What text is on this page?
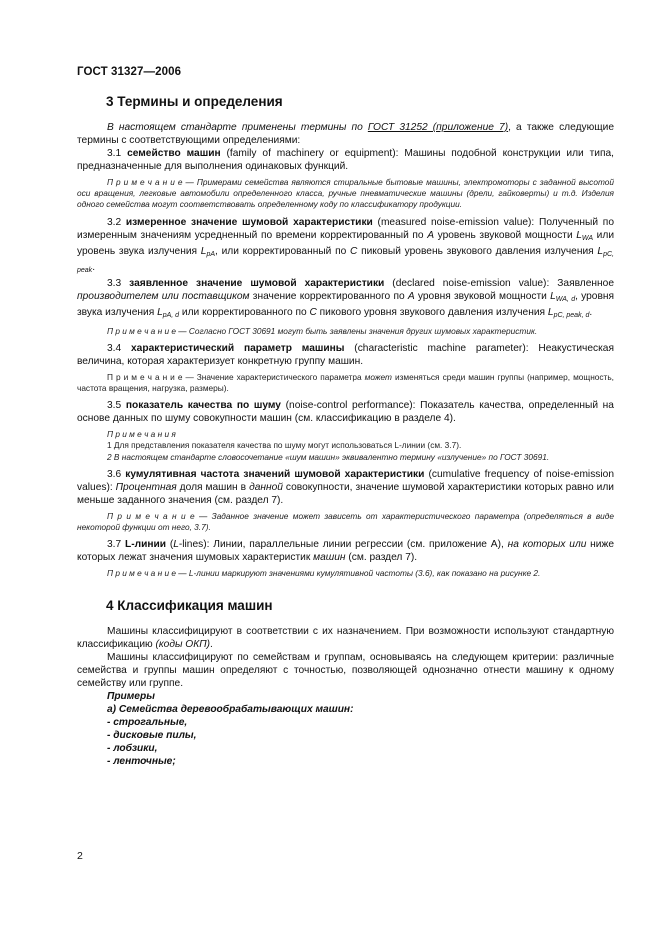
ГОСТ 31327—2006
3 Термины и определения

В настоящем стандарте применены термины по ГОСТ 31252 (приложение 7), а также следующие термины с соответствующими определениями:

3.1 семейство машин (family of machinery or equipment): Машины подобной конструкции или типа, предназначенные для выполнения одинаковых функций.

П р и м е ч а н и е — Примерами семейства являются стиральные бытовые машины, электромоторы с заданной высотой оси вращения, легковые автомобили определенного класса, ручные пневматические машины (дрели, гайковерты) и т.д. Изделия одного семейства могут соответствовать определенному коду по классификатору продукции.

3.2 измеренное значение шумовой характеристики (measured noise-emission value): Полученный по измеренным значениям усредненный по времени корректированный по А уровень звуковой мощности $L_{WA}$ или уровень звука излучения $L_{pA}$, или корректированный по С пиковый уровень звукового давления излучения $L_{pC, peak}$.

3.3 заявленное значение шумовой характеристики (declared noise-emission value): Заявленное производителем или поставщиком значение корректированного по А уровня звуковой мощности $L_{WA, d}$, уровня звука излучения $L_{pA, d}$ или корректированного по С пикового уровня звукового давления излучения $L_{pC, peak, d}$.

П р и м е ч а н и е — Согласно ГОСТ 30691 могут быть заявлены значения других шумовых характеристик.

3.4 характеристический параметр машины (characteristic machine parameter): Неакустическая величина, которая характеризует конкретную группу машин.

П р и м е ч а н и е — Значение характеристического параметра может изменяться среди машин группы (например, мощность, частота вращения, нагрузка, размеры).

3.5 показатель качества по шуму (noise-control performance): Показатель качества, определенный на основе данных по шуму совокупности машин (см. классификацию в разделе 4).

П р и м е ч а н и я

1 Для представления показателя качества по шуму могут использоваться L-линии (см. 3.7).

2 В настоящем стандарте словосочетание «шум машин» эквивалентно термину «излучение» по ГОСТ 30691.

3.6 кумулятивная частота значений шумовой характеристики (cumulative frequency of noise-emission values): Процентная доля машин в данной совокупности, значение шумовой характеристики которых равно или меньше заданного значения (см. раздел 7).

П р и м е ч а н и е — Заданное значение может зависеть от характеристического параметра (определяться в виде некоторой функции от него, 3.7).

3.7 L-линии (L-lines): Линии, параллельные линии регрессии (см. приложение А), на которых или ниже которых лежат значения шумовых характеристик машин (см. раздел 7).

П р и м е ч а н и е — L-линии маркируют значениями кумулятивной частоты (3.6), как показано на рисунке 2.

4 Классификация машин

Машины классифицируют в соответствии с их назначением. При возможности используют стандартную классификацию (коды ОКП).

Машины классифицируют по семействам и группам, основываясь на следующем критерии: различные семейства и группы машин определяют с точностью, позволяющей однозначно отнести машину к одному семейству или группе.

Примеры
а) Семейства деревообрабатывающих машин:
- строгальные,
- дисковые пилы,
- лобзики,
- ленточные;
2
